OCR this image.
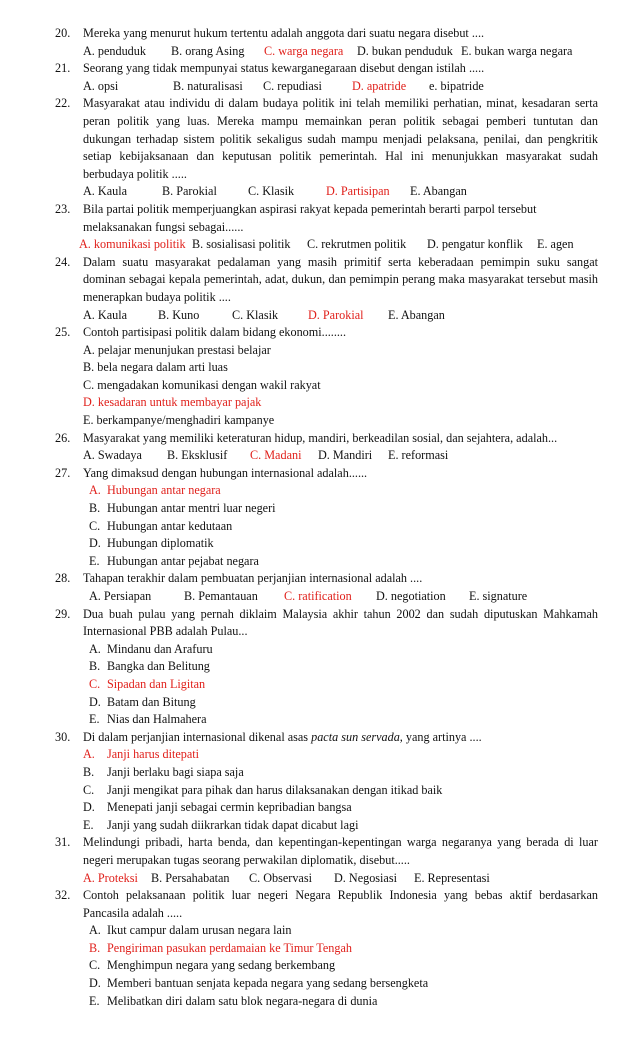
20. Mereka yang menurut hukum tertentu adalah anggota dari suatu negara disebut ....
A. penduduk	B. orang Asing	C. warga negara	D. bukan penduduk E. bukan warga negara
21. Seorang yang tidak mempunyai status kewarganegaraan disebut dengan istilah .....
A. opsi	B. naturalisasi	C. repudiasi	D. apatride	e. bipatride
22. Masyarakat atau individu di dalam budaya politik ini telah memiliki perhatian, minat, kesadaran serta peran politik yang luas. Mereka mampu memainkan peran politik sebagai pemberi tuntutan dan dukungan terhadap sistem politik sekaligus sudah mampu menjadi pelaksana, penilai, dan pengkritik setiap kebijaksanaan dan keputusan politik pemerintah. Hal ini menunjukkan masyarakat sudah berbudaya politik .....
A. Kaula	B. Parokial	C. Klasik	D. Partisipan	E. Abangan
23. Bila partai politik memperjuangkan aspirasi rakyat kepada pemerintah berarti parpol tersebut melaksanakan fungsi sebagai......
A. komunikasi politik B. sosialisasi politik	C. rekrutmen politik	D. pengatur konflik	E. agen
24. Dalam suatu masyarakat pedalaman yang masih primitif serta keberadaan pemimpin suku sangat dominan sebagai kepala pemerintah, adat, dukun, dan pemimpin perang maka masyarakat tersebut masih menerapkan budaya politik ....
A. Kaula	B. Kuno	C. Klasik	D. Parokial	E. Abangan
25. Contoh partisipasi politik dalam bidang ekonomi........
A. pelajar menunjukan prestasi belajar
B. bela negara dalam arti luas
C. mengadakan komunikasi dengan wakil rakyat
D. kesadaran untuk membayar pajak
E. berkampanye/menghadiri kampanye
26. Masyarakat yang memiliki keteraturan hidup, mandiri, berkeadilan sosial, dan sejahtera, adalah...
A. Swadaya	B. Eksklusif	C. Madani	D. Mandiri	E. reformasi
27. Yang dimaksud dengan hubungan internasional adalah......
A. Hubungan antar negara
B. Hubungan antar mentri luar negeri
C. Hubungan antar kedutaan
D. Hubungan diplomatik
E. Hubungan antar pejabat negara
28. Tahapan terakhir dalam pembuatan perjanjian internasional adalah ....
A. Persiapan	B. Pemantauan	C. ratification	D. negotiation	E. signature
29. Dua buah pulau yang pernah diklaim Malaysia akhir tahun 2002 dan sudah diputuskan Mahkamah Internasional PBB adalah Pulau...
A. Mindanu dan Arafuru
B. Bangka dan Belitung
C. Sipadan dan Ligitan
D. Batam dan Bitung
E. Nias dan Halmahera
30. Di dalam perjanjian internasional dikenal asas pacta sun servada, yang artinya ....
A. Janji harus ditepati
B. Janji berlaku bagi siapa saja
C. Janji mengikat para pihak dan harus dilaksanakan dengan itikad baik
D. Menepati janji sebagai cermin kepribadian bangsa
E. Janji yang sudah diikrarkan tidak dapat dicabut lagi
31. Melindungi pribadi, harta benda, dan kepentingan-kepentingan warga negaranya yang berada di luar negeri merupakan tugas seorang perwakilan diplomatik, disebut.....
A. Proteksi	B. Persahabatan	C. Observasi	D. Negosiasi	E. Representasi
32. Contoh pelaksanaan politik luar negeri Negara Republik Indonesia yang bebas aktif berdasarkan Pancasila adalah .....
A. Ikut campur dalam urusan negara lain
B. Pengiriman pasukan perdamaian ke Timur Tengah
C. Menghimpun negara yang sedang berkembang
D. Memberi bantuan senjata kepada negara yang sedang bersengketa
E. Melibatkan diri dalam satu blok negara-negara di dunia
